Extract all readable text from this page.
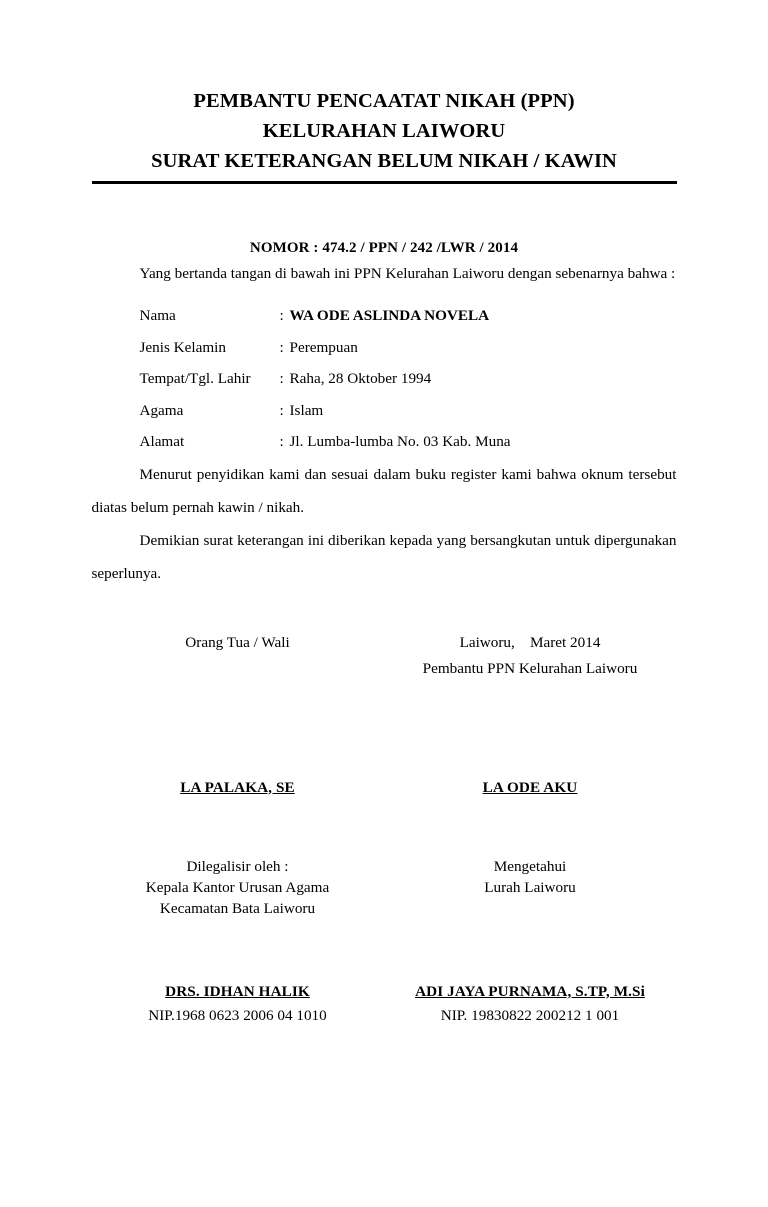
PEMBANTU PENCAATAT NIKAH (PPN)
KELURAHAN LAIWORU
SURAT KETERANGAN BELUM NIKAH / KAWIN
NOMOR : 474.2 / PPN / 242 /LWR / 2014

Yang bertanda tangan di bawah ini PPN Kelurahan Laiworu dengan sebenarnya bahwa :

Nama	:	WA ODE ASLINDA NOVELA
Jenis Kelamin	:	Perempuan
Tempat/Tgl. Lahir	:	Raha, 28 Oktober 1994
Agama	:	Islam
Alamat	:	Jl. Lumba-lumba No. 03 Kab. Muna

Menurut penyidikan kami dan sesuai dalam buku register kami bahwa oknum tersebut diatas belum pernah kawin / nikah.

Demikian surat keterangan ini diberikan kepada yang bersangkutan untuk dipergunakan seperlunya.

Orang Tua / Wali	Laiworu,    Maret 2014
Pembantu PPN Kelurahan Laiworu
LA PALAKA, SE	LA ODE AKU
Dilegalisir oleh :
Kepala Kantor Urusan Agama
Kecamatan Bata Laiworu
Mengetahui
Lurah Laiworu
DRS. IDHAN HALIK
NIP.1968 0623 2006 04 1010
ADI JAYA PURNAMA, S.TP, M.Si
NIP. 19830822 200212 1 001
